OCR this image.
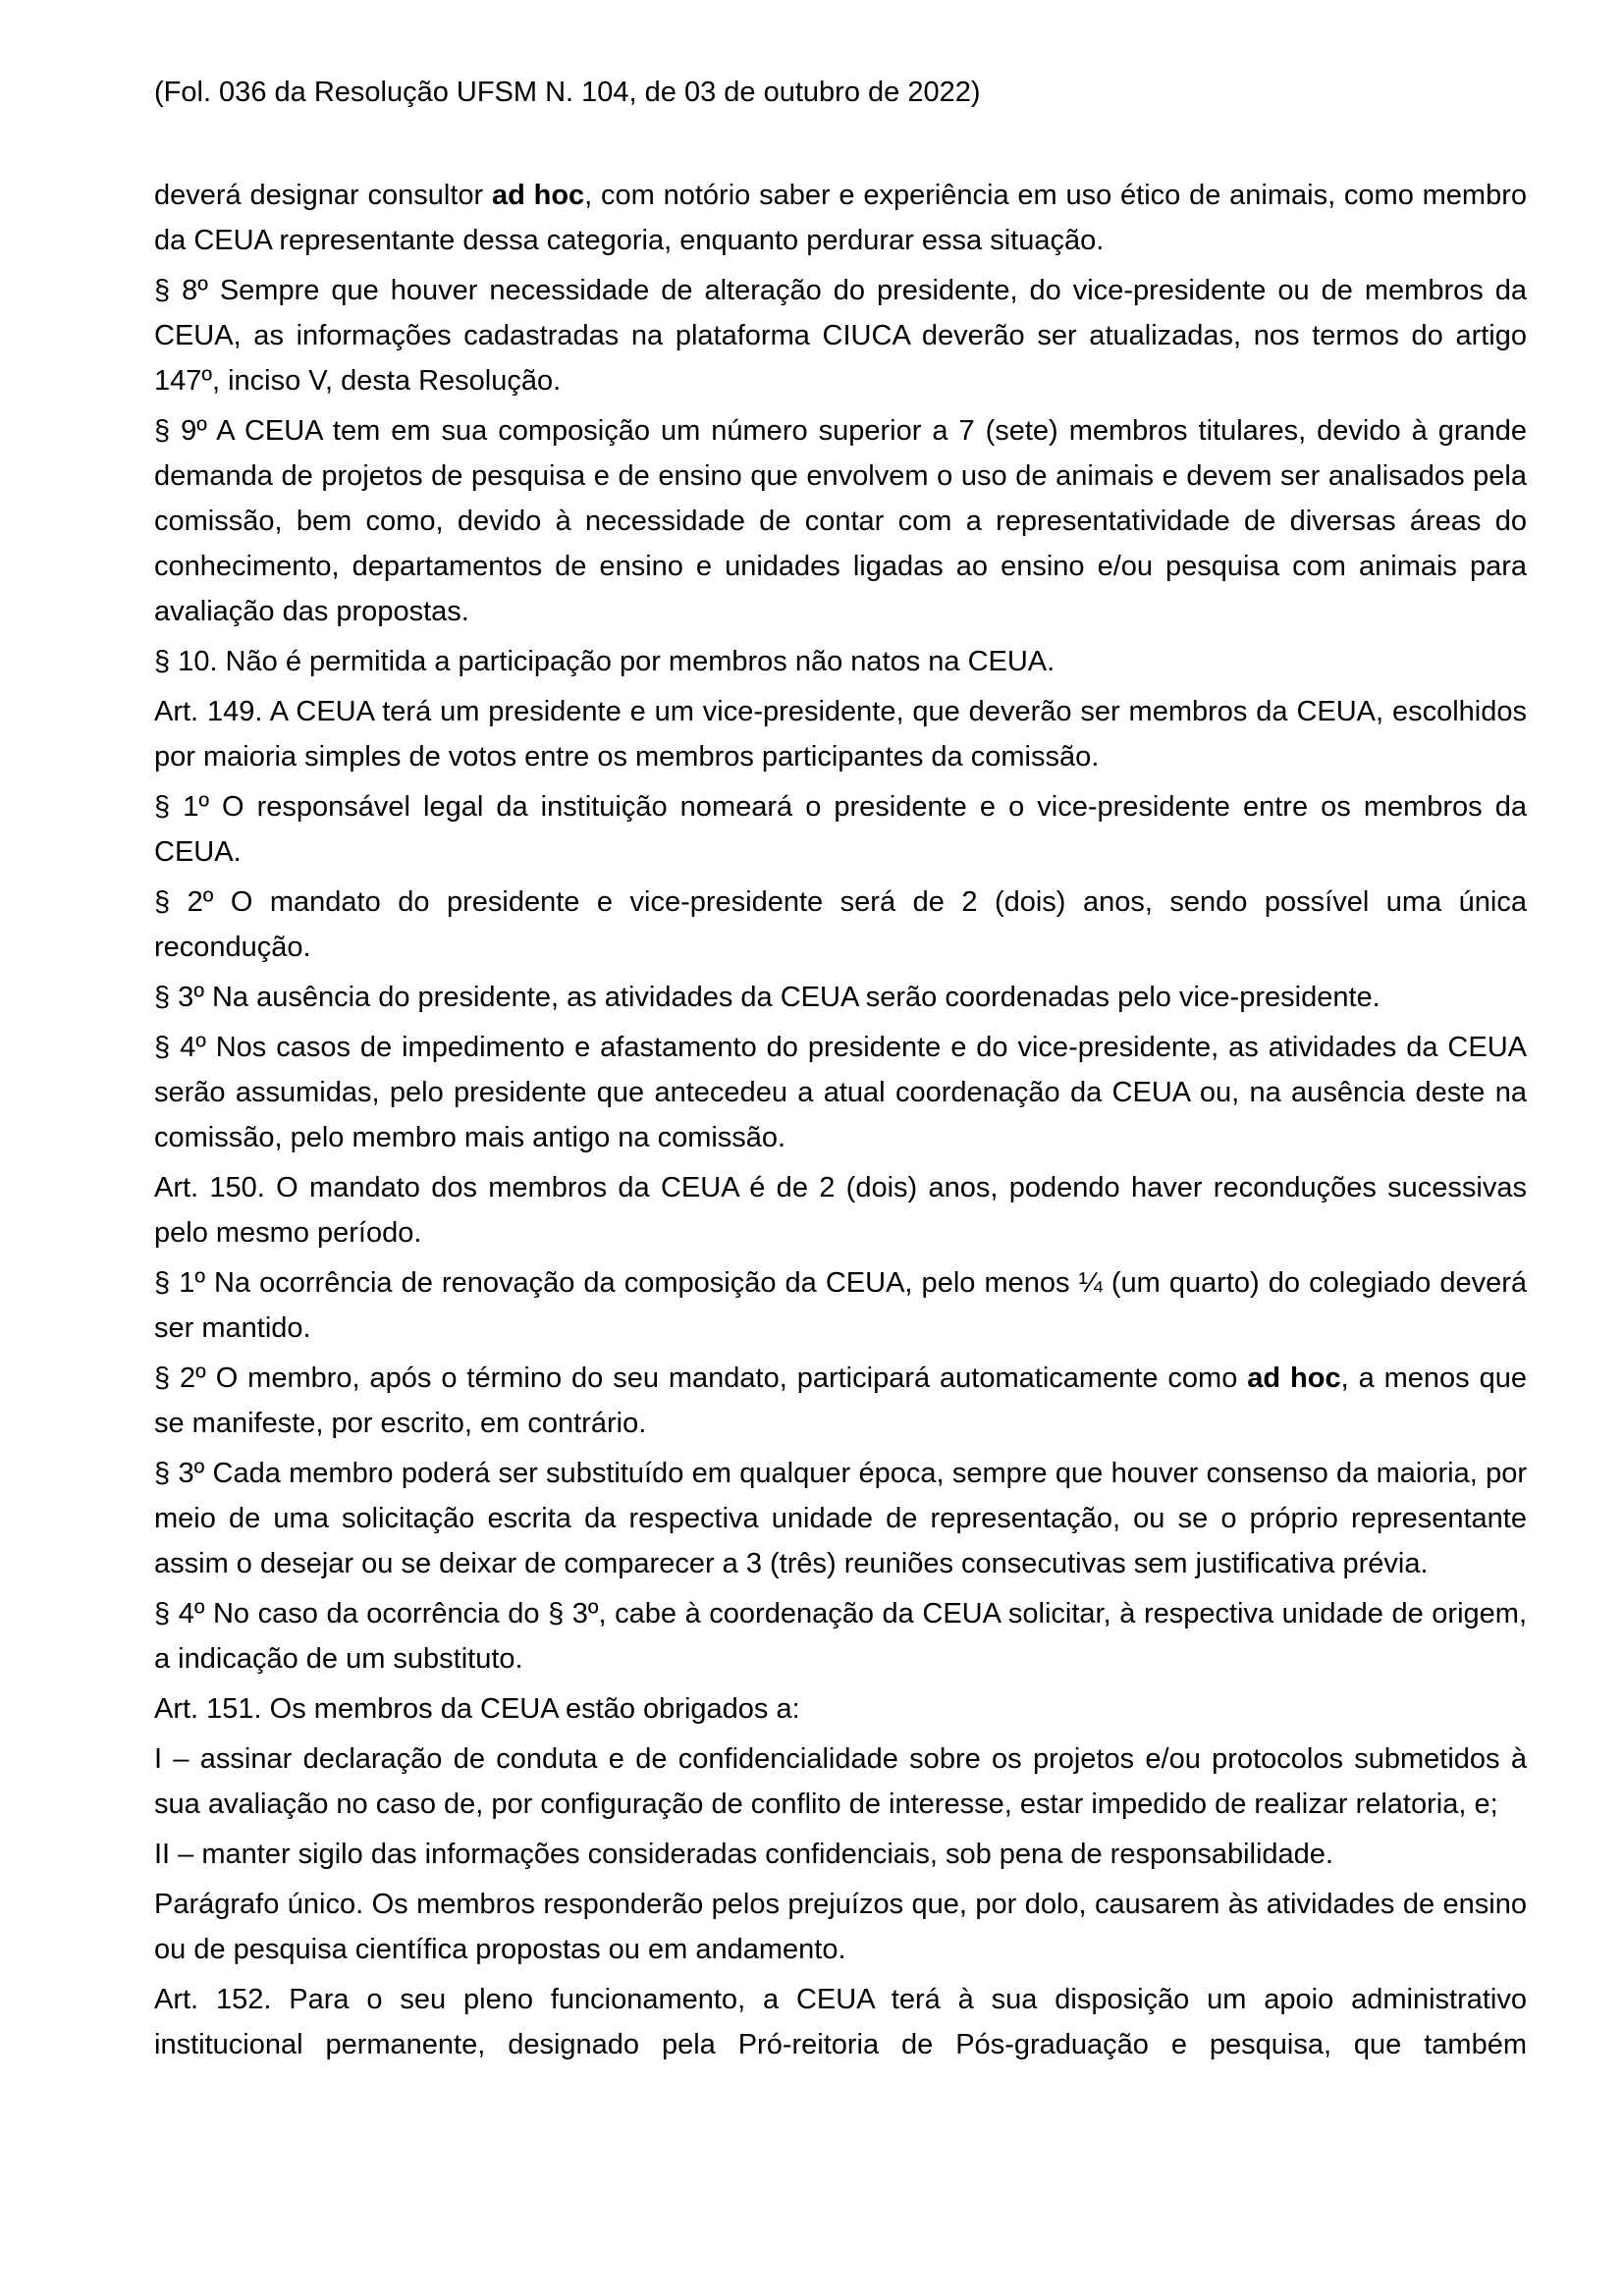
(Fol. 036 da Resolução UFSM N. 104, de 03 de outubro de 2022)

deverá designar consultor ad hoc, com notório saber e experiência em uso ético de animais, como membro da CEUA representante dessa categoria, enquanto perdurar essa situação.

§ 8º Sempre que houver necessidade de alteração do presidente, do vice-presidente ou de membros da CEUA, as informações cadastradas na plataforma CIUCA deverão ser atualizadas, nos termos do artigo 147º, inciso V, desta Resolução.

§ 9º A CEUA tem em sua composição um número superior a 7 (sete) membros titulares, devido à grande demanda de projetos de pesquisa e de ensino que envolvem o uso de animais e devem ser analisados pela comissão, bem como, devido à necessidade de contar com a representatividade de diversas áreas do conhecimento, departamentos de ensino e unidades ligadas ao ensino e/ou pesquisa com animais para avaliação das propostas.

§ 10. Não é permitida a participação por membros não natos na CEUA.

Art. 149. A CEUA terá um presidente e um vice-presidente, que deverão ser membros da CEUA, escolhidos por maioria simples de votos entre os membros participantes da comissão.

§ 1º O responsável legal da instituição nomeará o presidente e o vice-presidente entre os membros da CEUA.

§ 2º O mandato do presidente e vice-presidente será de 2 (dois) anos, sendo possível uma única recondução.

§ 3º Na ausência do presidente, as atividades da CEUA serão coordenadas pelo vice-presidente.

§ 4º Nos casos de impedimento e afastamento do presidente e do vice-presidente, as atividades da CEUA serão assumidas, pelo presidente que antecedeu a atual coordenação da CEUA ou, na ausência deste na comissão, pelo membro mais antigo na comissão.

Art. 150. O mandato dos membros da CEUA é de 2 (dois) anos, podendo haver reconduções sucessivas pelo mesmo período.

§ 1º Na ocorrência de renovação da composição da CEUA, pelo menos ¼ (um quarto) do colegiado deverá ser mantido.

§ 2º O membro, após o término do seu mandato, participará automaticamente como ad hoc, a menos que se manifeste, por escrito, em contrário.

§ 3º Cada membro poderá ser substituído em qualquer época, sempre que houver consenso da maioria, por meio de uma solicitação escrita da respectiva unidade de representação, ou se o próprio representante assim o desejar ou se deixar de comparecer a 3 (três) reuniões consecutivas sem justificativa prévia.

§ 4º No caso da ocorrência do § 3º, cabe à coordenação da CEUA solicitar, à respectiva unidade de origem, a indicação de um substituto.

Art. 151. Os membros da CEUA estão obrigados a:

I – assinar declaração de conduta e de confidencialidade sobre os projetos e/ou protocolos submetidos à sua avaliação no caso de, por configuração de conflito de interesse, estar impedido de realizar relatoria, e;

II – manter sigilo das informações consideradas confidenciais, sob pena de responsabilidade.

Parágrafo único. Os membros responderão pelos prejuízos que, por dolo, causarem às atividades de ensino ou de pesquisa científica propostas ou em andamento.

Art. 152. Para o seu pleno funcionamento, a CEUA terá à sua disposição um apoio administrativo institucional permanente, designado pela Pró-reitoria de Pós-graduação e pesquisa, que também
